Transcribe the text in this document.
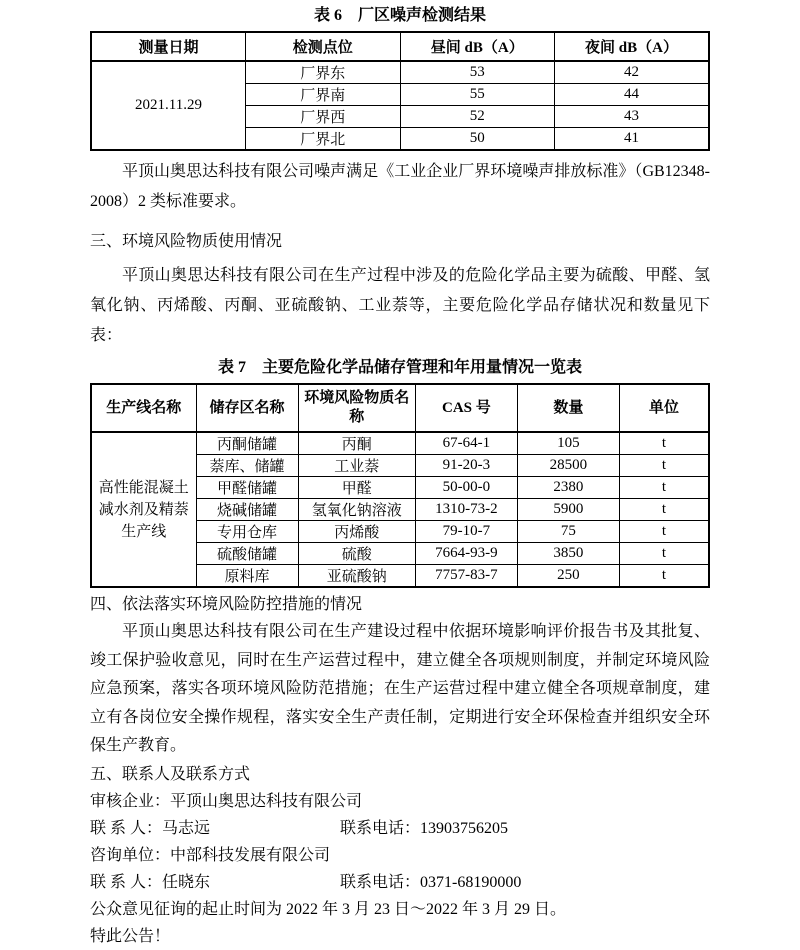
表 6　厂区噪声检测结果
测量日期	检测点位	昼间 dB（A）	夜间 dB（A）
2021.11.29	厂界东	53	42
	厂界南	55	44
	厂界西	52	43
	厂界北	50	41

平顶山奥思达科技有限公司噪声满足《工业企业厂界环境噪声排放标准》（GB12348-2008）2 类标准要求。

三、环境风险物质使用情况

平顶山奥思达科技有限公司在生产过程中涉及的危险化学品主要为硫酸、甲醛、氢氧化钠、丙烯酸、丙酮、亚硫酸钠、工业萘等，主要危险化学品存储状况和数量见下表：

表 7　主要危险化学品储存管理和年用量情况一览表
生产线名称	储存区名称	环境风险物质名称	CAS 号	数量	单位
高性能混凝土减水剂及精萘生产线	丙酮储罐	丙酮	67-64-1	105	t
	萘库、储罐	工业萘	91-20-3	28500	t
	甲醛储罐	甲醛	50-00-0	2380	t
	烧碱储罐	氢氧化钠溶液	1310-73-2	5900	t
	专用仓库	丙烯酸	79-10-7	75	t
	硫酸储罐	硫酸	7664-93-9	3850	t
	原料库	亚硫酸钠	7757-83-7	250	t
四、依法落实环境风险防控措施的情况

平顶山奥思达科技有限公司在生产建设过程中依据环境影响评价报告书及其批复、竣工保护验收意见，同时在生产运营过程中，建立健全各项规则制度，并制定环境风险应急预案，落实各项环境风险防范措施；在生产运营过程中建立健全各项规章制度，建立有各岗位安全操作规程，落实安全生产责任制，定期进行安全环保检查并组织安全环保生产教育。

五、联系人及联系方式
审核企业：平顶山奥思达科技有限公司
联 系 人：马志远	联系电话：13903756205
咨询单位：中部科技发展有限公司
联 系 人：任晓东	联系电话：0371-68190000
公众意见征询的起止时间为 2022 年 3 月 23 日～2022 年 3 月 29 日。
特此公告！
